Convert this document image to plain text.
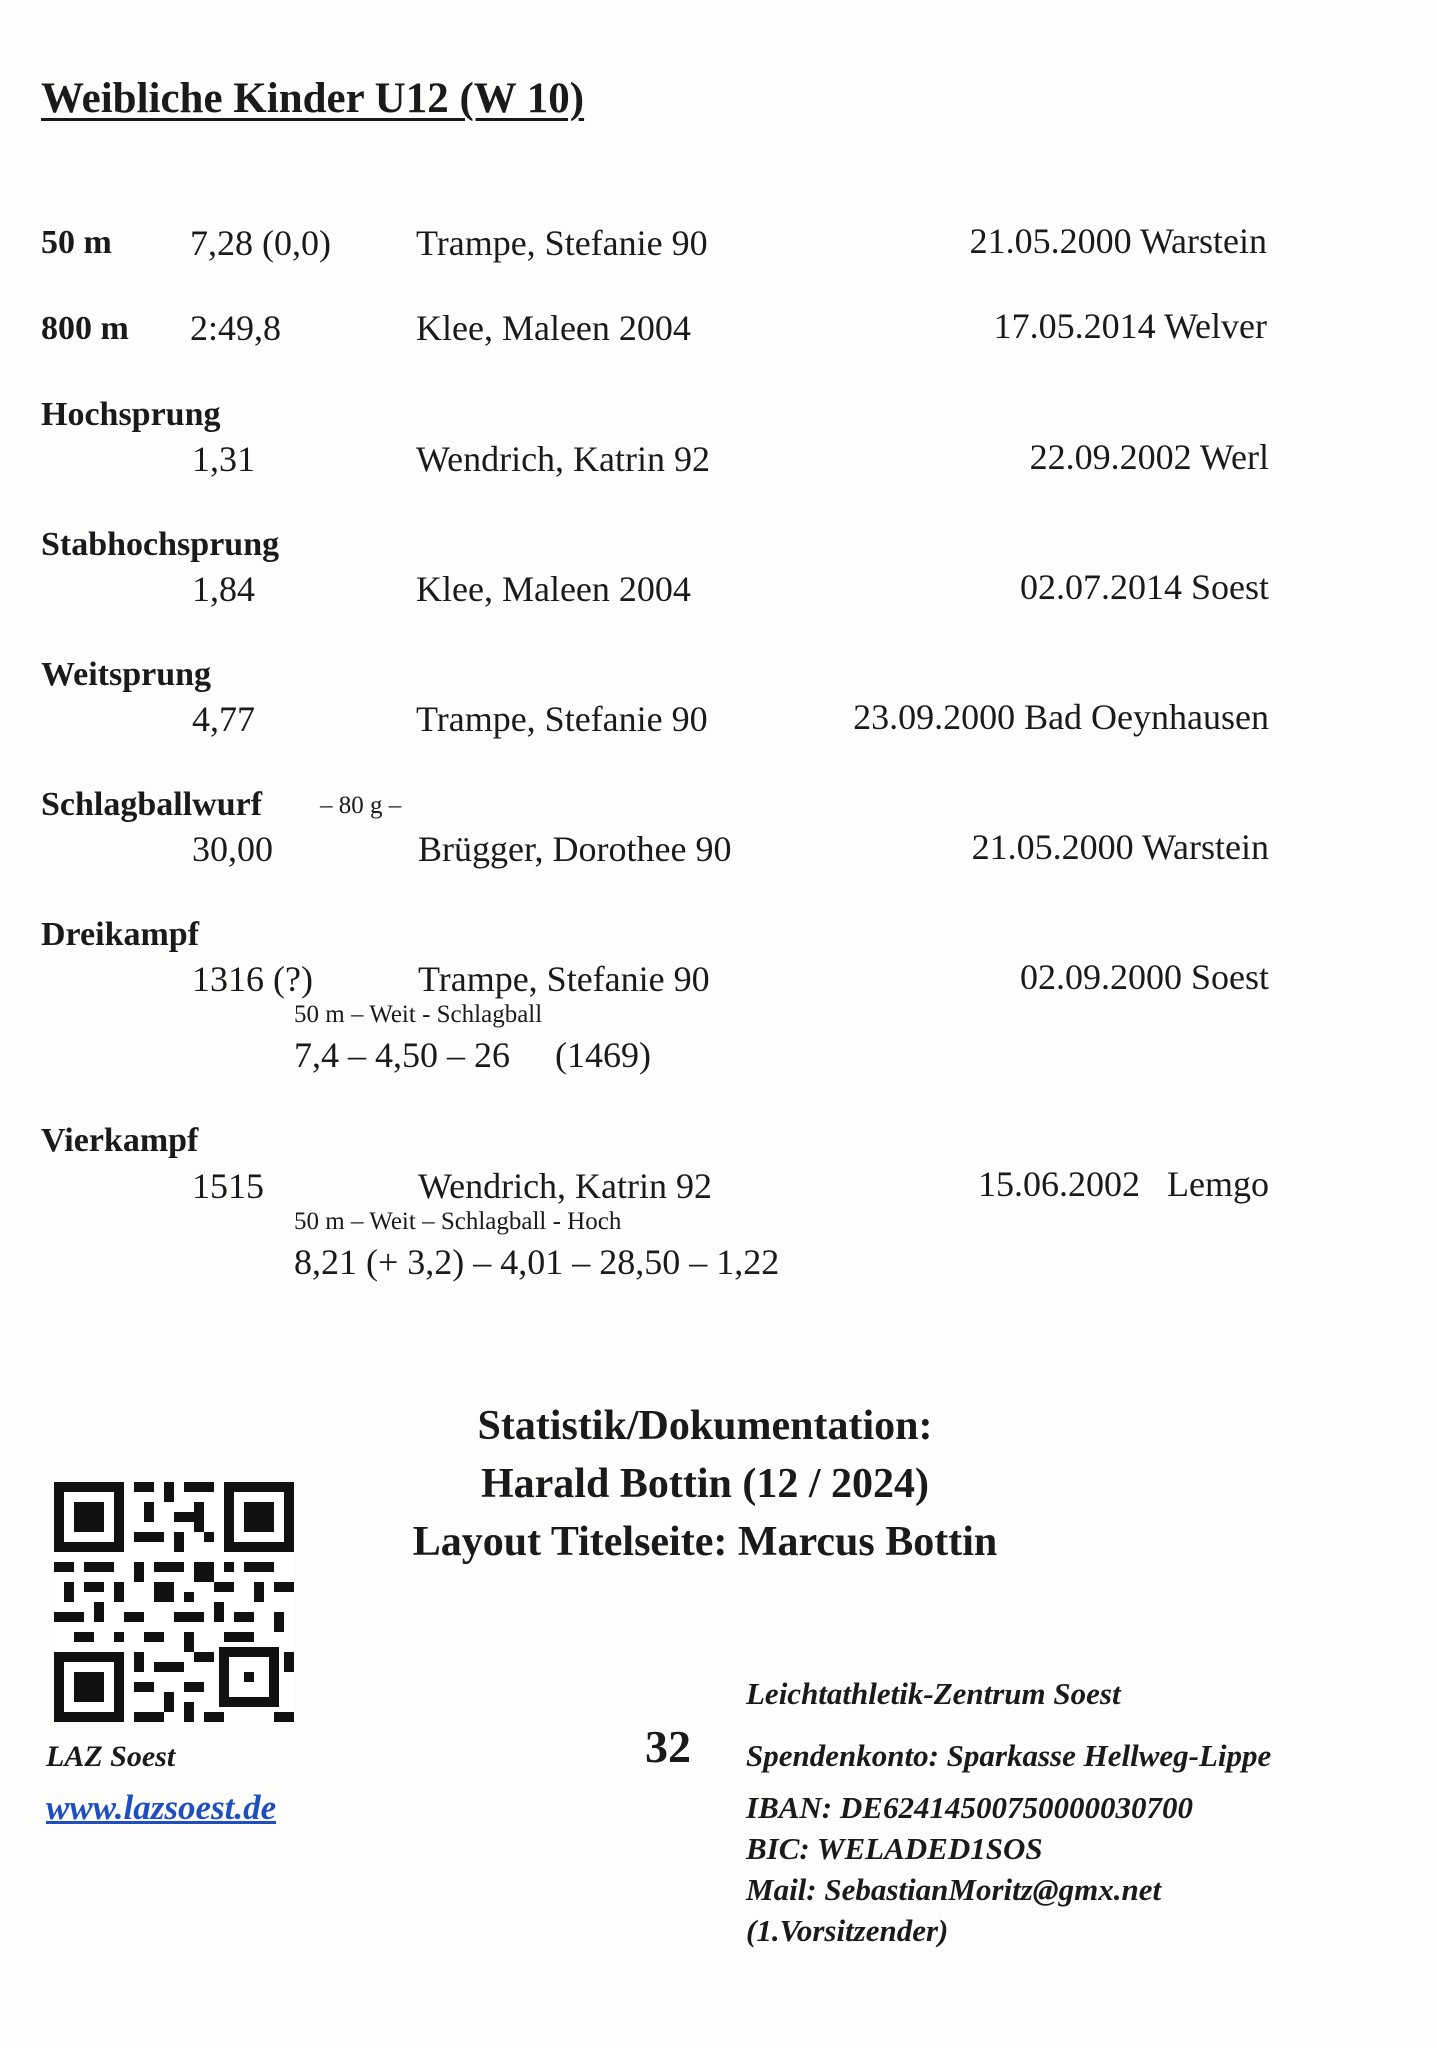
Weibliche Kinder U12 (W 10)
50 m 7,28 (0,0) Trampe, Stefanie 90	21.05.2000 Warstein
800 m 2:49,8	Klee, Maleen 2004	17.05.2014 Welver
Hochsprung
1,31	Wendrich, Katrin 92	22.09.2002 Werl
Stabhochsprung
1,84	Klee, Maleen 2004	02.07.2014 Soest
Weitsprung
4,77	Trampe, Stefanie 90	23.09.2000 Bad Oeynhausen
Schlagballwurf – 80 g –
30,00	Brügger, Dorothee 90	21.05.2000 Warstein
Dreikampf
1316 (?)	Trampe, Stefanie 90	02.09.2000 Soest
50 m – Weit - Schlagball
7,4 – 4,50 – 26     (1469)
Vierkampf
1515	Wendrich, Katrin 92	15.06.2002   Lemgo
50 m – Weit – Schlagball - Hoch
8,21 (+ 3,2) – 4,01 – 28,50 – 1,22
Statistik/Dokumentation:
Harald Bottin (12 / 2024)
Layout Titelseite: Marcus Bottin
LAZ Soest
www.lazsoest.de
32
Leichtathletik-Zentrum Soest
Spendenkonto: Sparkasse Hellweg-Lippe
IBAN: DE62414500750000030700
BIC: WELADED1SOS
Mail: SebastianMoritz@gmx.net
(1.Vorsitzender)
